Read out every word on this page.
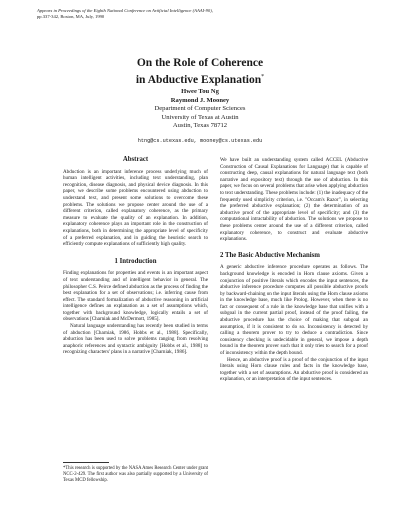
Appears in Proceedings of the Eighth National Conference on Artificial Intelligence (AAAI-90),
pp.337-342, Boston, MA, July, 1990
On the Role of Coherence
in Abductive Explanation*
Hwee Tou Ng
Raymond J. Mooney
Department of Computer Sciences
University of Texas at Austin
Austin, Texas 78712
htng@cs.utexas.edu, mooney@cs.utexas.edu
Abstract

Abduction is an important inference process underlying much of human intelligent activities, including text understanding, plan recognition, disease diagnosis, and physical device diagnosis. In this paper, we describe some problems encountered using abduction to understand text, and present some solutions to overcome these problems. The solutions we propose center around the use of a different criterion, called explanatory coherence, as the primary measure to evaluate the quality of an explanation. In addition, explanatory coherence plays an important role in the construction of explanations, both in determining the appropriate level of specificity of a preferred explanation, and in guiding the heuristic search to efficiently compute explanations of sufficiently high quality.

1 Introduction

Finding explanations for properties and events is an important aspect of text understanding and of intelligent behavior in general. The philosopher C.S. Peirce defined abduction as the process of finding the best explanation for a set of observations; i.e. inferring cause from effect. The standard formalization of abductive reasoning in artificial intelligence defines an explanation as a set of assumptions which, together with background knowledge, logically entails a set of observations [Charniak and McDermott, 1985].

Natural language understanding has recently been studied in terms of abduction [Charniak, 1986, Hobbs et al., 1988]. Specifically, abduction has been used to solve problems ranging from resolving anaphoric references and syntactic ambiguity [Hobbs et al., 1988] to recognizing characters' plans in a narrative [Charniak, 1986].

*This research is supported by the NASA Ames Research Center under grant NCC-2-429. The first author was also partially supported by a University of Texas MCD fellowship.

We have built an understanding system called ACCEL (Abductive Construction of Causal Explanations for Language) that is capable of constructing deep, causal explanations for natural language text (both narrative and expository text) through the use of abduction. In this paper, we focus on several problems that arise when applying abduction to text understanding. These problems include: (1) the inadequacy of the frequently used simplicity criterion, i.e. "Occam's Razor", in selecting the preferred abductive explanation; (2) the determination of an abductive proof of the appropriate level of specificity; and (3) the computational intractability of abduction. The solutions we propose to these problems center around the use of a different criterion, called explanatory coherence, to construct and evaluate abductive explanations.

2 The Basic Abductive Mechanism

A generic abductive inference procedure operates as follows. The background knowledge is encoded in Horn clause axioms. Given a conjunction of positive literals which encodes the input sentences, the abductive inference procedure computes all possible abductive proofs by backward-chaining on the input literals using the Horn clause axioms in the knowledge base, much like Prolog. However, when there is no fact or consequent of a rule in the knowledge base that unifies with a subgoal in the current partial proof, instead of the proof failing, the abductive procedure has the choice of making that subgoal an assumption, if it is consistent to do so. Inconsistency is detected by calling a theorem prover to try to deduce a contradiction. Since consistency checking is undecidable in general, we impose a depth bound in the theorem prover such that it only tries to search for a proof of inconsistency within the depth bound.

Hence, an abductive proof is a proof of the conjunction of the input literals using Horn clause rules and facts in the knowledge base, together with a set of assumptions. An abductive proof is considered an explanation, or an interpretation of the input sentences.
